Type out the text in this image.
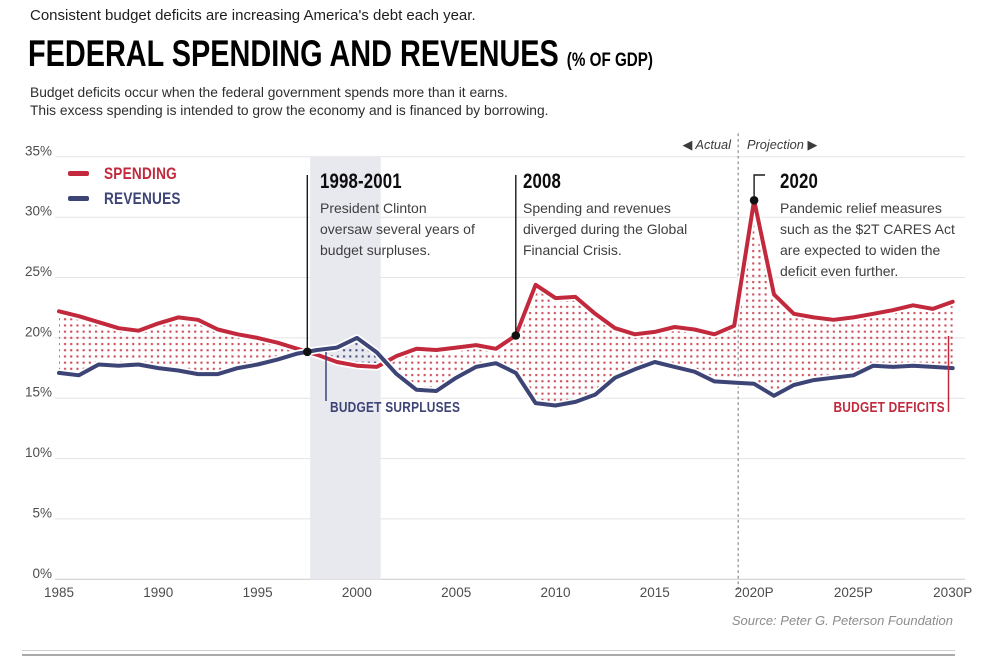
0%
5%
10%
15%
20%
25%
30%
35%
1985	1990	1995	2000	2005	2010	2015	2020P	2025P	2030P
Consistent budget deficits are increasing America's debt each year.
FEDERAL SPENDING AND REVENUES (% OF GDP)
Budget deficits occur when the federal government spends more than it earns.
This excess spending is intended to grow the economy and is financed by borrowing.
SPENDING
REVENUES
◀ Actual Projection ▶
1998-2001
President Clinton oversaw several years of budget surpluses.
2008
Spending and revenues diverged during the Global Financial Crisis.
2020
Pandemic relief measures such as the $2T CARES Act are expected to widen the deficit even further.
BUDGET SURPLUSES	BUDGET DEFICITS
Source: Peter G. Peterson Foundation
